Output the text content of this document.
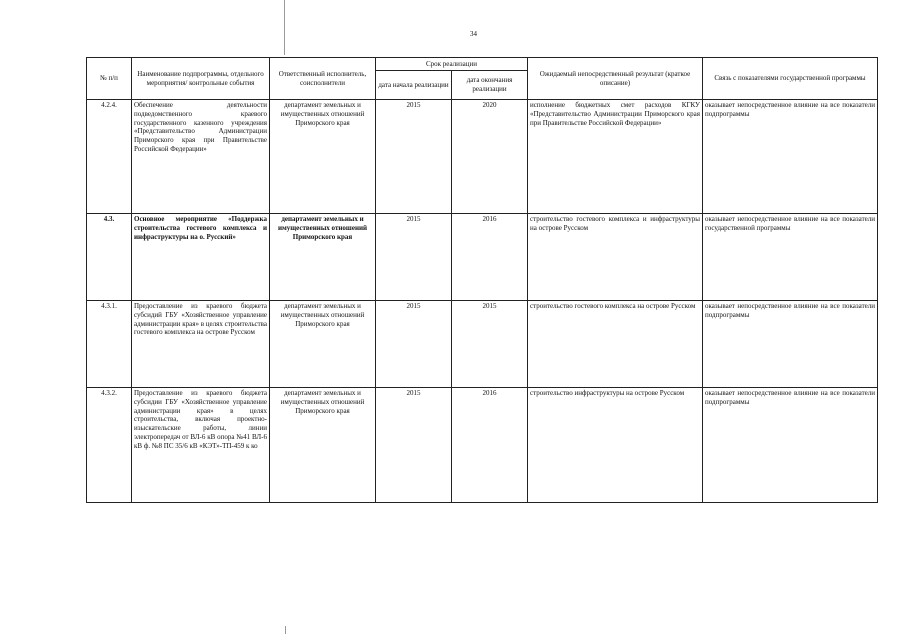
34
№ п/п	Наименование подпрограммы, отдельного мероприятия/ контрольные события	Ответственный исполнитель, соисполнители	Срок реализации		Ожидаемый непосредственный результат (краткое описание)	Связь с показателями государственной программы
			дата начала реализации	дата окончания реализации		
4.2.4.	Обеспечение деятельности подведомственного краевого государственного казенного учреждения «Представительство Администрации Приморского края при Правительстве Российской Федерации»	департамент земельных и имущественных отношений Приморского края	2015	2020	исполнение бюджетных смет расходов КГКУ «Представительство Администрации Приморского края при Правительстве Российской Федерации»	оказывает непосредственное влияние на все показатели подпрограммы
4.3.	Основное мероприятие «Поддержка строительства гостевого комплекса и инфраструктуры на о. Русский»	департамент земельных и имущественных отношений Приморского края	2015	2016	строительство гостевого комплекса и инфраструктуры на острове Русском	оказывает непосредственное влияние на все показатели государственной программы
4.3.1.	Предоставление из краевого бюджета субсидий ГБУ «Хозяйственное управление администрации края» в целях строительства гостевого комплекса на острове Русском	департамент земельных и имущественных отношений Приморского края	2015	2015	строительство гостевого комплекса на острове Русском	оказывает непосредственное влияние на все показатели подпрограммы
4.3.2.	Предоставление из краевого бюджета субсидии ГБУ «Хозяйственное управление администрации края» в целях строительства, включая проектно-изыскательские работы, линии электропередач от ВЛ-6 кВ опора №41 ВЛ-6 кВ ф. №8 ПС 35/6 кВ «КЭТ»-ТП-459 к ко	департамент земельных и имущественных отношений Приморского края	2015	2016	строительство инфраструктуры на острове Русском	оказывает непосредственное влияние на все показатели подпрограммы
